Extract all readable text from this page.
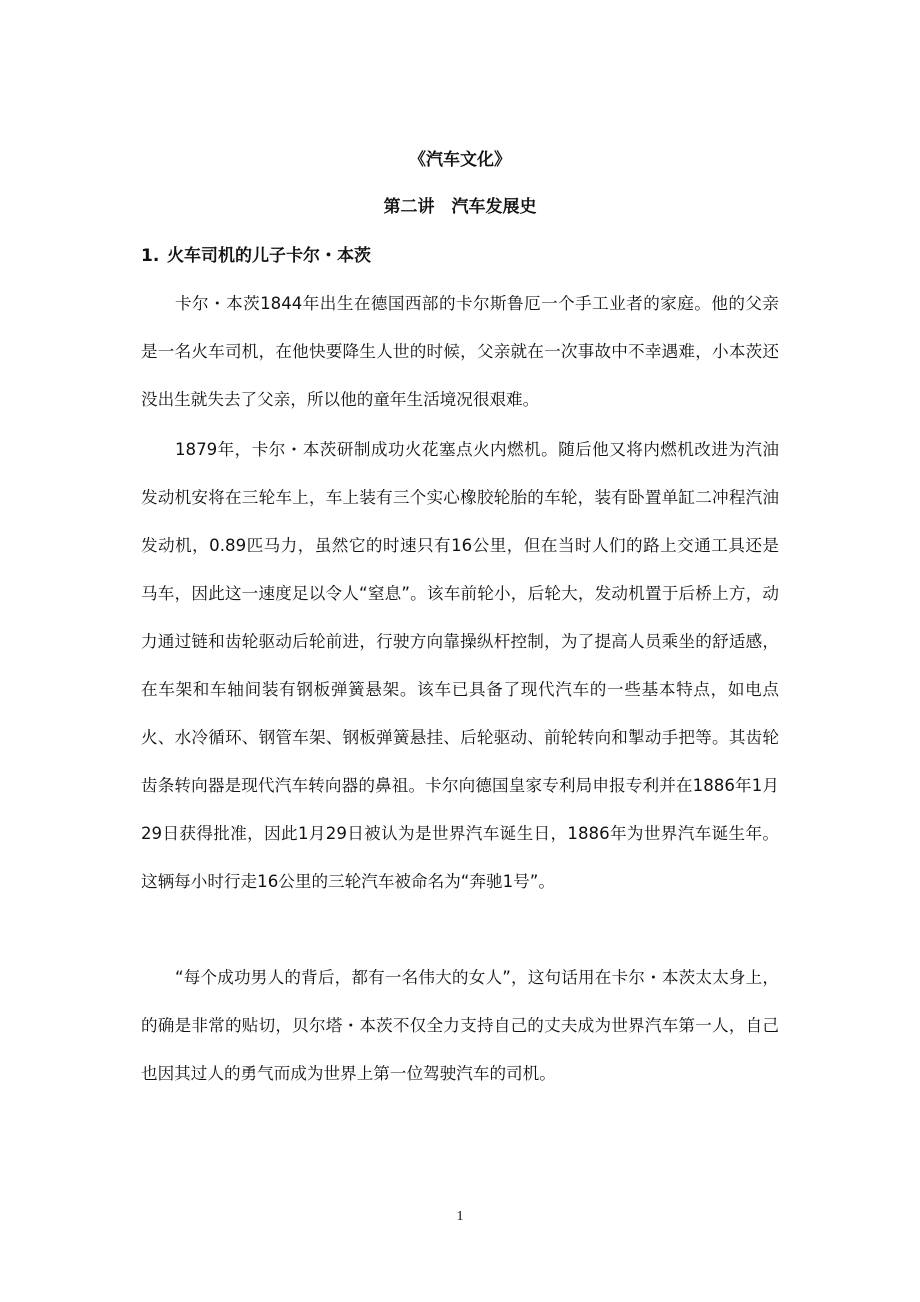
《汽车文化》
第二讲　汽车发展史
1. 火车司机的儿子卡尔・本茨

卡尔・本茨1844年出生在德国西部的卡尔斯鲁厄一个手工业者的家庭。他的父亲是一名火车司机，在他快要降生人世的时候，父亲就在一次事故中不幸遇难，小本茨还没出生就失去了父亲，所以他的童年生活境况很艰难。

1879年，卡尔・本茨研制成功火花塞点火内燃机。随后他又将内燃机改进为汽油发动机安将在三轮车上，车上装有三个实心橡胶轮胎的车轮，装有卧置单缸二冲程汽油发动机，0.89匹马力，虽然它的时速只有16公里，但在当时人们的路上交通工具还是马车，因此这一速度足以令人“窒息”。该车前轮小，后轮大，发动机置于后桥上方，动力通过链和齿轮驱动后轮前进，行驶方向靠操纵杆控制，为了提高人员乘坐的舒适感，在车架和车轴间装有钢板弹簧悬架。该车已具备了现代汽车的一些基本特点，如电点火、水冷循环、钢管车架、钢板弹簧悬挂、后轮驱动、前轮转向和掣动手把等。其齿轮齿条转向器是现代汽车转向器的鼻祖。卡尔向德国皇家专利局申报专利并在1886年1月29日获得批准，因此1月29日被认为是世界汽车诞生日，1886年为世界汽车诞生年。这辆每小时行走16公里的三轮汽车被命名为“奔驰1号”。

“每个成功男人的背后，都有一名伟大的女人”，这句话用在卡尔・本茨太太身上，的确是非常的贴切，贝尔塔・本茨不仅全力支持自己的丈夫成为世界汽车第一人，自己也因其过人的勇气而成为世界上第一位驾驶汽车的司机。

1
